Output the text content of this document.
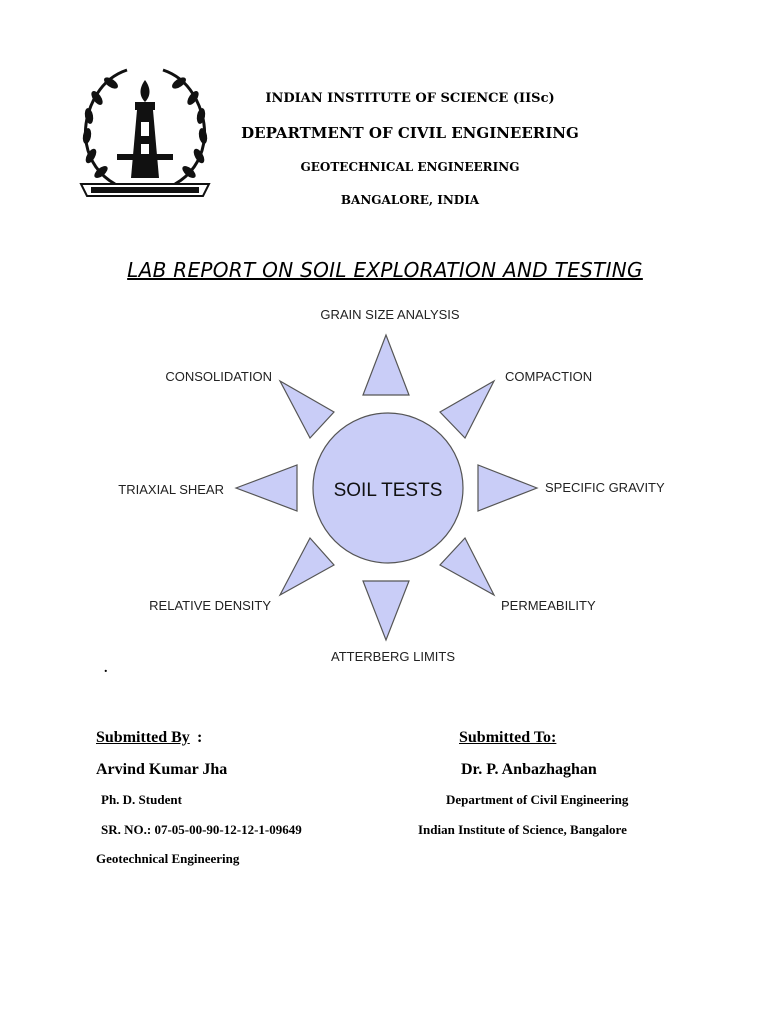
INDIAN INSTITUTE OF SCIENCE (IISc)
DEPARTMENT OF CIVIL ENGINEERING
GEOTECHNICAL ENGINEERING
BANGALORE, INDIA
LAB REPORT ON SOIL EXPLORATION AND TESTING
SOIL TESTS
GRAIN SIZE ANALYSIS
COMPACTION
SPECIFIC GRAVITY
PERMEABILITY
ATTERBERG LIMITS
RELATIVE DENSITY
TRIAXIAL SHEAR
CONSOLIDATION
.
Submitted By :
Arvind Kumar Jha
Ph. D. Student
SR. NO.: 07-05-00-90-12-12-1-09649
Geotechnical Engineering
Submitted To:
Dr. P. Anbazhaghan
Department of Civil Engineering
Indian Institute of Science, Bangalore
